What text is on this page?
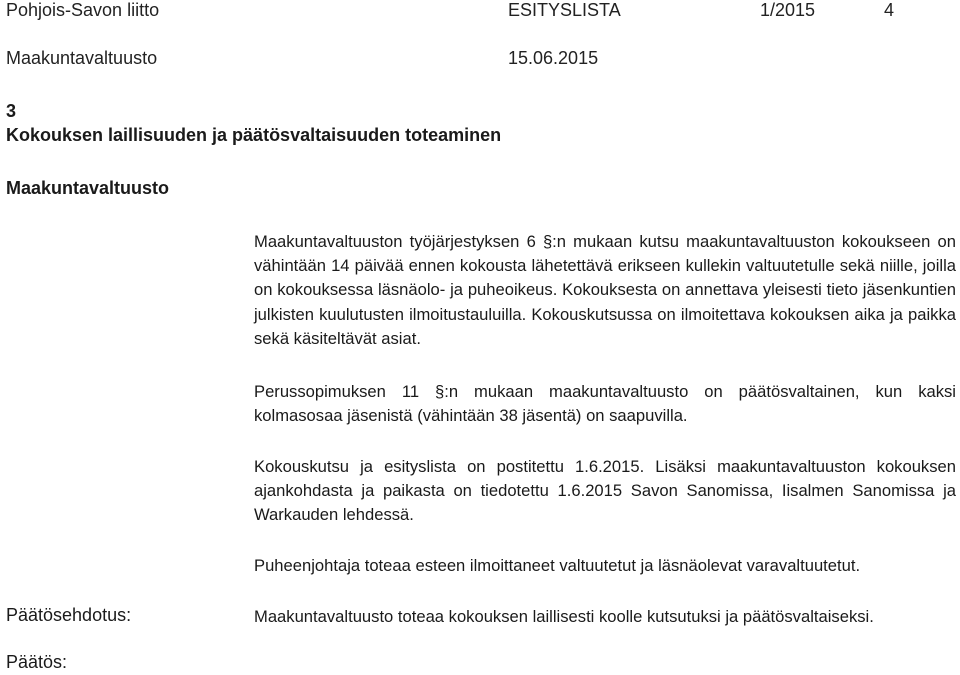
Pohjois-Savon liitto	ESITYSLISTA	1/2015	4
Maakuntavaltuusto	15.06.2015
3
Kokouksen laillisuuden ja päätösvaltaisuuden toteaminen
Maakuntavaltuusto

Maakuntavaltuuston työjärjestyksen 6 §:n mukaan kutsu maakuntavaltuuston kokoukseen on vähintään 14 päivää ennen kokousta lähetettävä erikseen kullekin valtuutetulle sekä niille, joilla on kokouksessa läsnäolo- ja puheoikeus. Kokouksesta on annettava yleisesti tieto jäsenkuntien julkisten kuulutusten ilmoitustauluilla. Kokouskutsussa on ilmoitettava kokouksen aika ja paikka sekä käsiteltävät asiat.

Perussopimuksen 11 §:n mukaan maakuntavaltuusto on päätösvaltainen, kun kaksi kolmasosaa jäsenistä (vähintään 38 jäsentä) on saapuvilla.

Kokouskutsu ja esityslista on postitettu 1.6.2015. Lisäksi maakuntavaltuuston kokouksen ajankohdasta ja paikasta on tiedotettu 1.6.2015 Savon Sanomissa, Iisalmen Sanomissa ja Warkauden lehdessä.

Puheenjohtaja toteaa esteen ilmoittaneet valtuutetut ja läsnäolevat varavaltuutetut.

Päätösehdotus:	Maakuntavaltuusto toteaa kokouksen laillisesti koolle kutsutuksi ja päätösvaltaiseksi.

Päätös:
